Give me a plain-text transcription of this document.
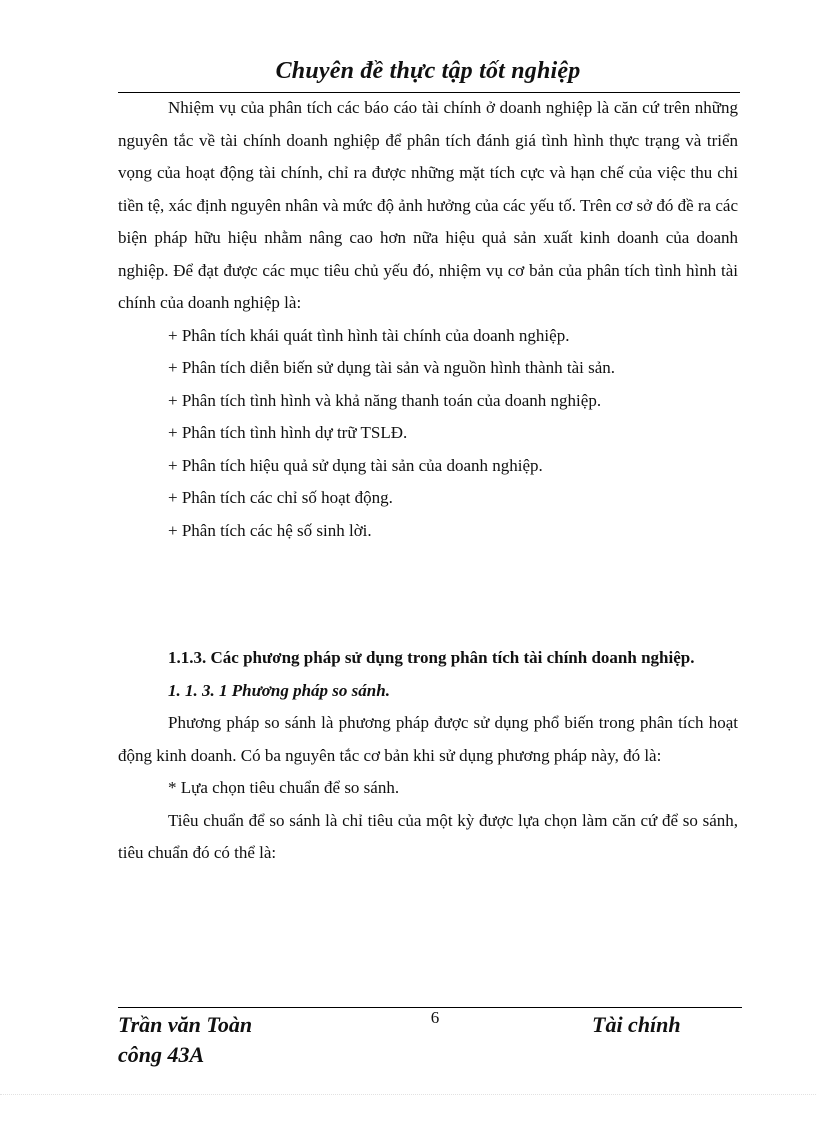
Chuyên đề thực tập tốt nghiệp

Nhiệm vụ của phân tích các báo cáo tài chính ở doanh nghiệp là căn cứ trên những nguyên tắc về tài chính doanh nghiệp để phân tích đánh giá tình hình thực trạng và triển vọng của hoạt động tài chính, chỉ ra được những mặt tích cực và hạn chế của việc thu chi tiền tệ, xác định nguyên nhân và mức độ ảnh hưởng của các yếu tố. Trên cơ sở đó đề ra các biện pháp hữu hiệu nhằm nâng cao hơn nữa hiệu quả sản xuất kinh doanh của doanh nghiệp. Để đạt được các mục tiêu chủ yếu đó, nhiệm vụ cơ bản của phân tích tình hình tài chính của doanh nghiệp là:

+ Phân tích khái quát tình hình tài chính của doanh nghiệp.
+ Phân tích diễn biến sử dụng tài sản và nguồn hình thành tài sản.
+ Phân tích tình hình và khả năng thanh toán của doanh nghiệp.
+ Phân tích tình hình dự trữ TSLĐ.
+ Phân tích hiệu quả sử dụng tài sản của doanh nghiệp.
+ Phân tích các chỉ số hoạt động.
+ Phân tích các hệ số sinh lời.

1.1.3. Các phương pháp sử dụng trong phân tích tài chính doanh nghiệp.

1. 1. 3. 1 Phương pháp so sánh.

Phương pháp so sánh là phương pháp được sử dụng phổ biến trong phân tích hoạt động kinh doanh. Có ba nguyên tắc cơ bản khi sử dụng phương pháp này, đó là:

* Lựa chọn tiêu chuẩn để so sánh.

Tiêu chuẩn để so sánh là chỉ tiêu của một kỳ được lựa chọn làm căn cứ để so sánh, tiêu chuẩn đó có thể là:

Trần văn Toàn
công 43A
6	Tài chính
